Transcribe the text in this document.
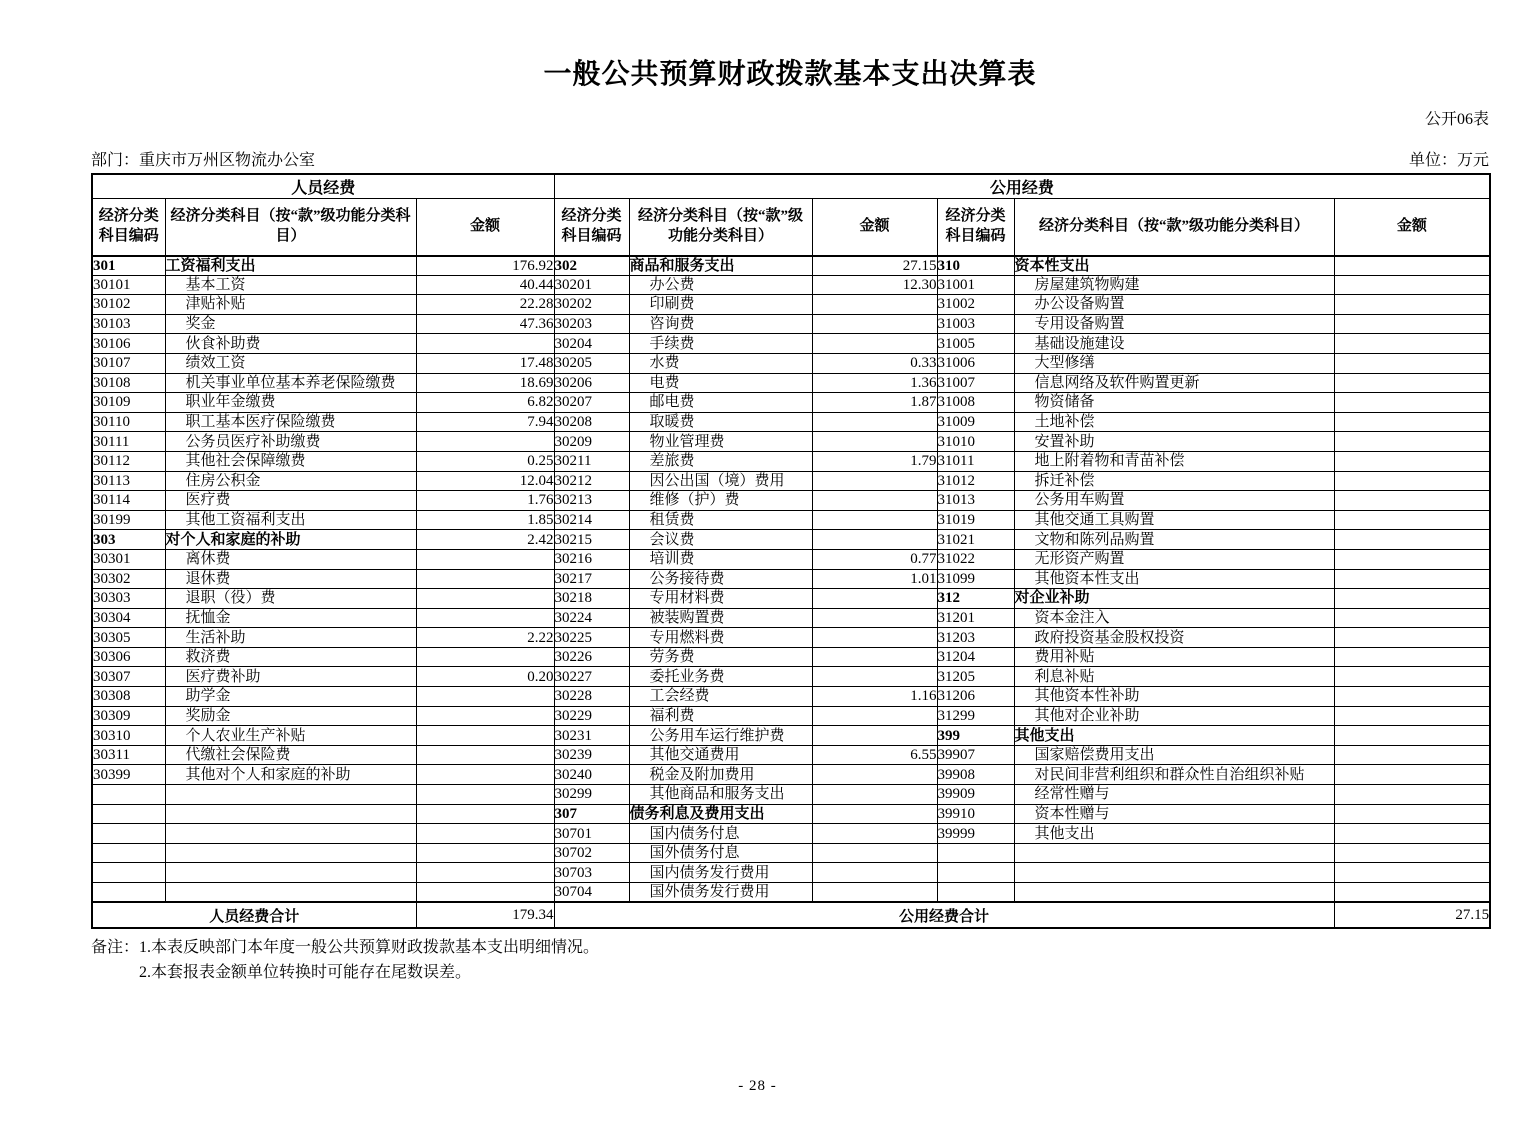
一般公共预算财政拨款基本支出决算表
公开06表
部门：重庆市万州区物流办公室	单位：万元
人员经费			公用经费					
经济分类科目编码	经济分类科目（按“款”级功能分类科目）	金额	经济分类科目编码	经济分类科目（按“款”级功能分类科目）	金额	经济分类科目编码	经济分类科目（按“款”级功能分类科目）	金额
301	工资福利支出	176.92	302	商品和服务支出	27.15	310	资本性支出	
30101	基本工资	40.44	30201	办公费	12.30	31001	房屋建筑物购建	
30102	津贴补贴	22.28	30202	印刷费		31002	办公设备购置	
30103	奖金	47.36	30203	咨询费		31003	专用设备购置	
30106	伙食补助费		30204	手续费		31005	基础设施建设	
30107	绩效工资	17.48	30205	水费	0.33	31006	大型修缮	
30108	机关事业单位基本养老保险缴费	18.69	30206	电费	1.36	31007	信息网络及软件购置更新	
30109	职业年金缴费	6.82	30207	邮电费	1.87	31008	物资储备	
30110	职工基本医疗保险缴费	7.94	30208	取暖费		31009	土地补偿	
30111	公务员医疗补助缴费		30209	物业管理费		31010	安置补助	
30112	其他社会保障缴费	0.25	30211	差旅费	1.79	31011	地上附着物和青苗补偿	
30113	住房公积金	12.04	30212	因公出国（境）费用		31012	拆迁补偿	
30114	医疗费	1.76	30213	维修（护）费		31013	公务用车购置	
30199	其他工资福利支出	1.85	30214	租赁费		31019	其他交通工具购置	
303	对个人和家庭的补助	2.42	30215	会议费		31021	文物和陈列品购置	
30301	离休费		30216	培训费	0.77	31022	无形资产购置	
30302	退休费		30217	公务接待费	1.01	31099	其他资本性支出	
30303	退职（役）费		30218	专用材料费		312	对企业补助	
30304	抚恤金		30224	被装购置费		31201	资本金注入	
30305	生活补助	2.22	30225	专用燃料费		31203	政府投资基金股权投资	
30306	救济费		30226	劳务费		31204	费用补贴	
30307	医疗费补助	0.20	30227	委托业务费		31205	利息补贴	
30308	助学金		30228	工会经费	1.16	31206	其他资本性补助	
30309	奖励金		30229	福利费		31299	其他对企业补助	
30310	个人农业生产补贴		30231	公务用车运行维护费		399	其他支出	
30311	代缴社会保险费		30239	其他交通费用	6.55	39907	国家赔偿费用支出	
30399	其他对个人和家庭的补助		30240	税金及附加费用		39908	对民间非营利组织和群众性自治组织补贴	
			30299	其他商品和服务支出		39909	经常性赠与	
			307	债务利息及费用支出		39910	资本性赠与	
			30701	国内债务付息		39999	其他支出	
			30702	国外债务付息				
			30703	国内债务发行费用				
			30704	国外债务发行费用				
人员经费合计		179.34	公用经费合计					27.15
备注：1.本表反映部门本年度一般公共预算财政拨款基本支出明细情况。
2.本套报表金额单位转换时可能存在尾数误差。
- 28 -
